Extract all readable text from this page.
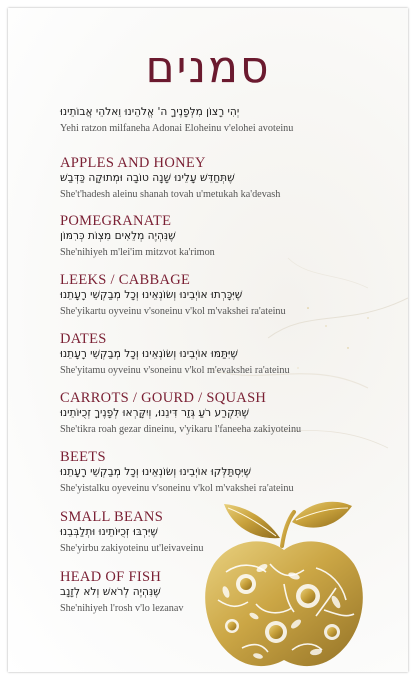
סמנים
יְהִי רָצוֹן מִלְּפָנֶיךָ ה' אֱלֹהֵינוּ וֵאלֹהֵי אֲבוֹתֵינוּ
Yehi ratzon milfaneha Adonai Eloheinu v'elohei avoteinu
APPLES AND HONEY
שֶׁתְּחַדֵּשׁ עָלֵינוּ שָׁנָה טוֹבָה וּמְתוּקָה כַּדְּבַשׁ
She't'hadesh aleinu shanah tovah u'metukah ka'devash
POMEGRANATE
שֶׁנִּהְיֶה מְלֵאִים מִצְוֹת כְּרִמּוֹן
She'nihiyeh m'lei'im mitzvot ka'rimon
LEEKS / CABBAGE
שֶׁיִּכָּרְתוּ אוֹיְבֵינוּ וְשׂוֹנְאֵינוּ וְכָל מְבַקְשֵׁי רָעָתֵנוּ
She'yikartu oyveinu v'soneinu v'kol m'vakshei ra'ateinu
DATES
שֶׁיִּתַּמּוּ אוֹיְבֵינוּ וְשׂוֹנְאֵינוּ וְכָל מְבַקְשֵׁי רָעָתֵנוּ
She'yitamu oyveinu v'soneinu v'kol m'evakshei ra'ateinu
CARROTS / GOURD / SQUASH
שֶׁתִּקְרַע רֹעַ גְּזַר דִּינֵנוּ, וְיִקָּרְאוּ לְפָנֶיךָ זְכֻיּוֹתֵינוּ
She'tikra roah gezar dineinu, v'yikaru l'faneeha zakiyoteinu
BEETS
שֶׁיִּסְתַּלְּקוּ אוֹיְבֵינוּ וְשׂוֹנְאֵינוּ וְכָל מְבַקְשֵׁי רָעָתֵנוּ
She'yistalku oyeveinu v'soneinu v'kol m'vakshei ra'ateinu
SMALL BEANS
שֶׁיִּרְבּוּ זְכֻיּוֹתֵינוּ וּתְלַבְּבֵנוּ
She'yirbu zakiyoteinu ut'leivaveinu
HEAD OF FISH
שֶׁנִּהְיֶה לְרֹאשׁ וְלֹא לְזָנָב
She'nihiyeh l'rosh v'lo lezanav
